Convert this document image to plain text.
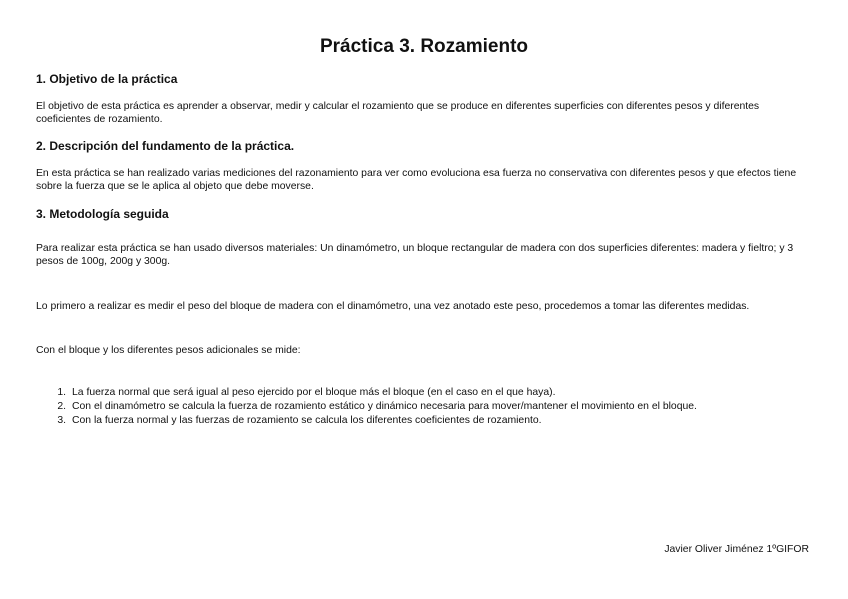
Práctica 3. Rozamiento
1. Objetivo de la práctica

El objetivo de esta práctica es aprender a observar, medir y calcular el rozamiento que se produce en diferentes superficies con diferentes pesos y diferentes coeficientes de rozamiento.

2. Descripción del fundamento de la práctica.

En esta práctica se han realizado varias mediciones del razonamiento para ver como evoluciona esa fuerza no conservativa con diferentes pesos y que efectos tiene sobre la fuerza que se le aplica al objeto que debe moverse.

3. Metodología seguida

Para realizar esta práctica se han usado diversos materiales: Un dinamómetro, un bloque rectangular de madera con dos superficies diferentes: madera y fieltro; y 3 pesos de 100g, 200g y 300g.

Lo primero a realizar es medir el peso del bloque de madera con el dinamómetro, una vez anotado este peso, procedemos a tomar las diferentes medidas.

Con el bloque y los diferentes pesos adicionales se mide:

1. La fuerza normal que será igual al peso ejercido por el bloque más el bloque (en el caso en el que haya).
2. Con el dinamómetro se calcula la fuerza de rozamiento estático y dinámico necesaria para mover/mantener el movimiento en el bloque.
3. Con la fuerza normal y las fuerzas de rozamiento se calcula los diferentes coeficientes de rozamiento.

Javier Oliver Jiménez 1ºGIFOR
